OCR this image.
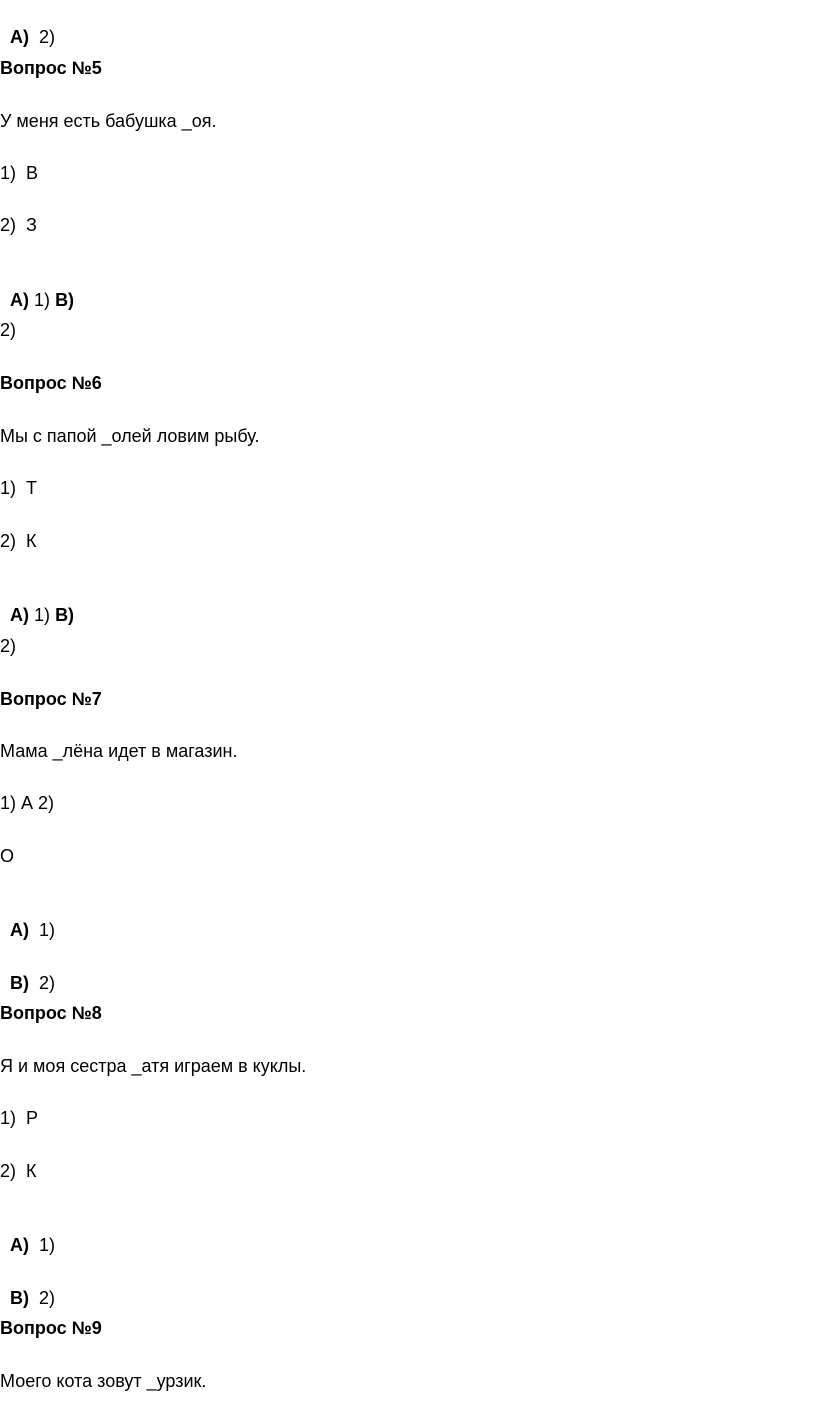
А) 2)

Вопрос №5
У меня есть бабушка _оя.
1)  В
2)  З

А) 1) В)

2)
Вопрос №6
Мы с папой _олей ловим рыбу.
1)  Т
2)  К

А) 1) В)

2)
Вопрос №7
Мама _лёна идет в магазин.
1) А 2)
О

А) 1)

В) 2)

Вопрос №8
Я и моя сестра _атя играем в куклы.
1)  Р
2)  К

А) 1)

В) 2)

Вопрос №9
Моего кота зовут _урзик.
